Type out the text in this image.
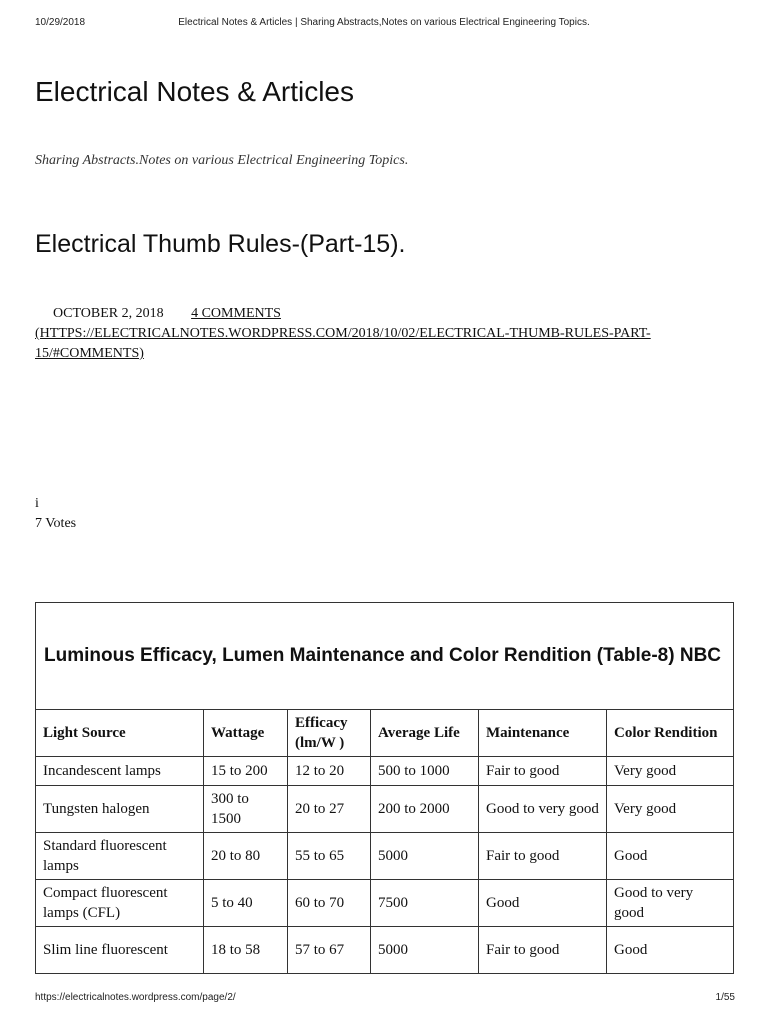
10/29/2018	Electrical Notes & Articles | Sharing Abstracts,Notes on various Electrical Engineering Topics.
Electrical Notes & Articles
Sharing Abstracts.Notes on various Electrical Engineering Topics.
Electrical Thumb Rules-(Part-15).
OCTOBER 2, 2018 4 COMMENTS
(HTTPS://ELECTRICALNOTES.WORDPRESS.COM/2018/10/02/ELECTRICAL-THUMB-RULES-PART-15/#COMMENTS)
i
7 Votes
Luminous Efficacy, Lumen Maintenance and Color Rendition (Table-8) NBC					
Light Source	Wattage	Efficacy (lm/W )	Average Life	Maintenance	Color Rendition
Incandescent lamps	15 to 200	12 to 20	500 to 1000	Fair to good	Very good
Tungsten halogen	300 to 1500	20 to 27	200 to 2000	Good to very good	Very good
Standard fluorescent lamps	20 to 80	55 to 65	5000	Fair to good	Good
Compact fluorescent lamps (CFL)	5 to 40	60 to 70	7500	Good	Good to very good
Slim line fluorescent	18 to 58	57 to 67	5000	Fair to good	Good
https://electricalnotes.wordpress.com/page/2/	1/55
